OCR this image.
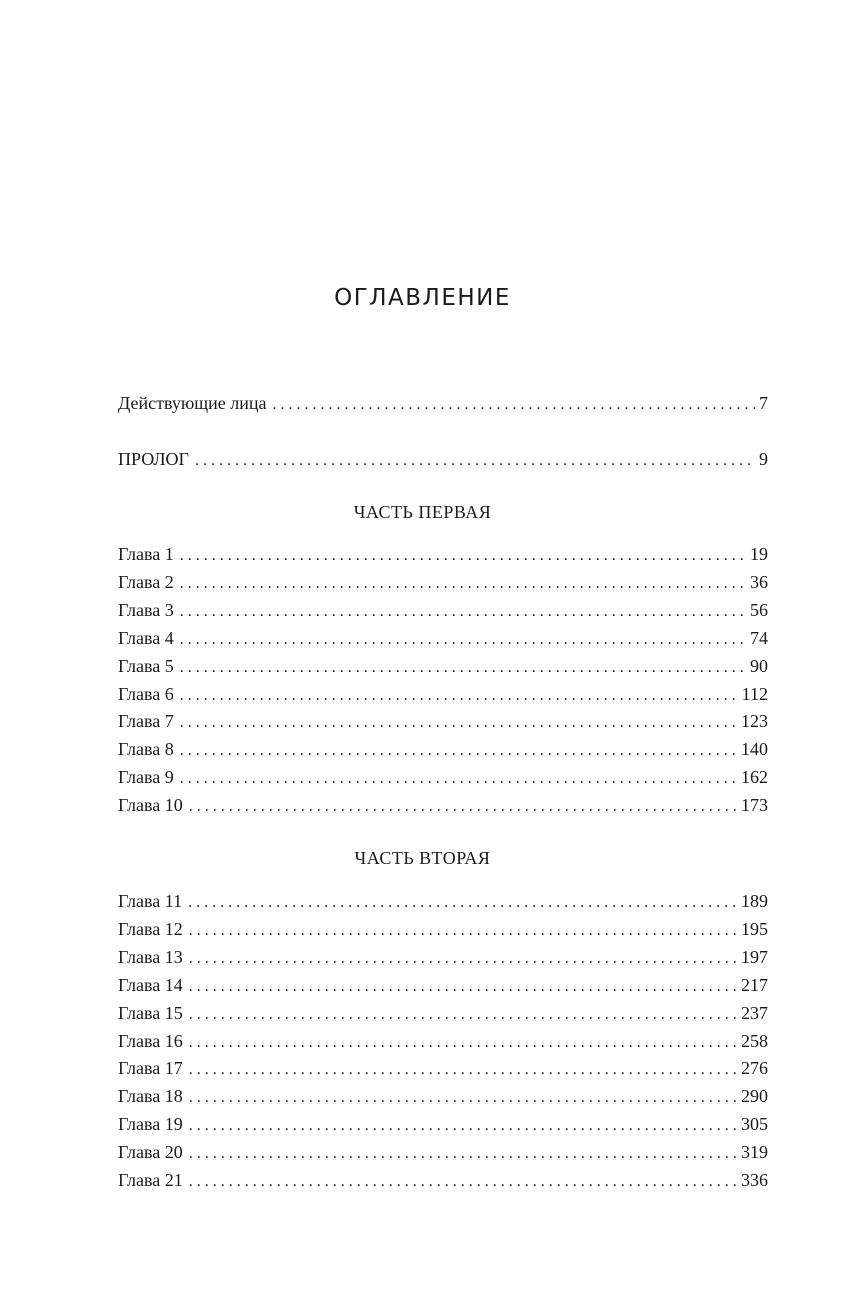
ОГЛАВЛЕНИЕ
Действующие лица . . .	7
ПРОЛОГ . . .	9
ЧАСТЬ ПЕРВАЯ
Глава 1 . . .	19
Глава 2 . . .	36
Глава 3 . . .	56
Глава 4 . . .	74
Глава 5 . . .	90
Глава 6 . . .	112
Глава 7 . . .	123
Глава 8 . . .	140
Глава 9 . . .	162
Глава 10 . . .	173
ЧАСТЬ ВТОРАЯ
Глава 11 . . .	189
Глава 12 . . .	195
Глава 13 . . .	197
Глава 14 . . .	217
Глава 15 . . .	237
Глава 16 . . .	258
Глава 17 . . .	276
Глава 18 . . .	290
Глава 19 . . .	305
Глава 20 . . .	319
Глава 21 . . .	336
